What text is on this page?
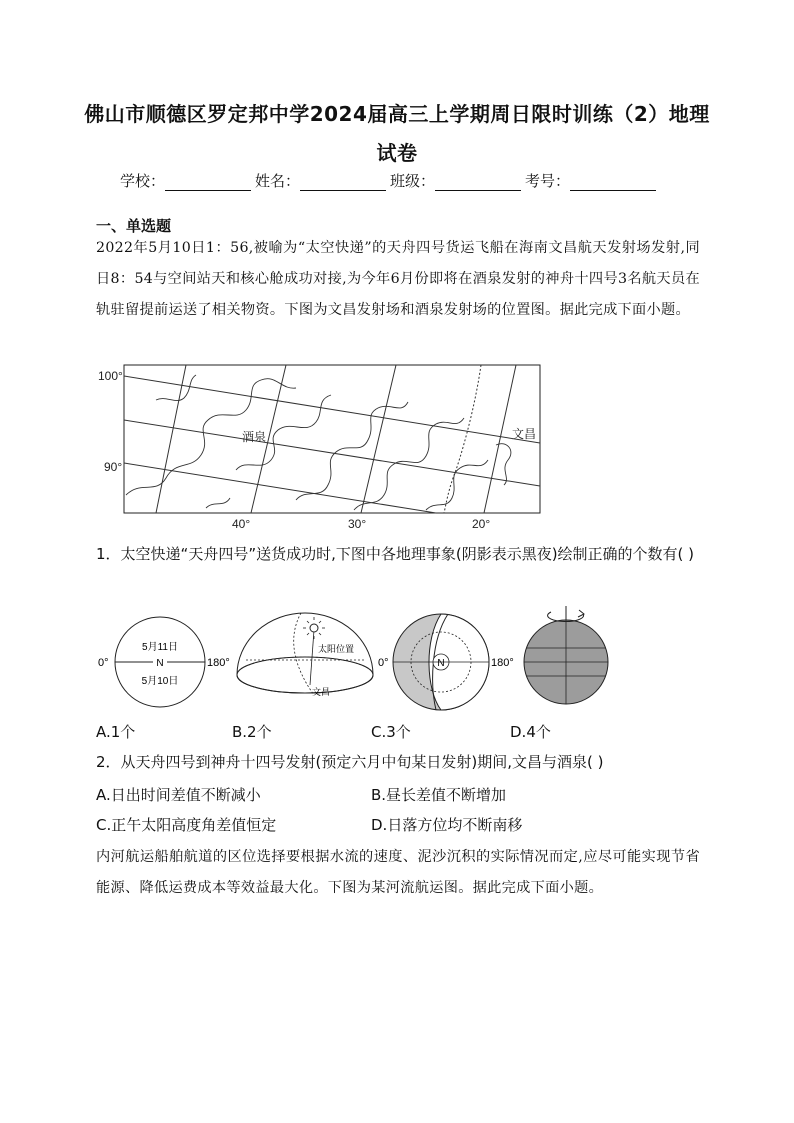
佛山市顺德区罗定邦中学2024届高三上学期周日限时训练（2）地理
试卷
学校：	姓名：	班级：	考号：
一、单选题
2022年5月10日1：56,被喻为“太空快递”的天舟四号货运飞船在海南文昌航天发射场发射,同日8：54与空间站天和核心舱成功对接,为今年6月份即将在酒泉发射的神舟十四号3名航天员在轨驻留提前运送了相关物资。下图为文昌发射场和酒泉发射场的位置图。据此完成下面小题。
100°
90°
40°	30°	20°
酒泉	文昌
1．太空快递“天舟四号”送货成功时,下图中各地理事象(阴影表示黑夜)绘制正确的个数有( )
5月11日
5月10日
N
0°	180°
太阳位置
文昌
N
0°	180°
A.1个	B.2个	C.3个	D.4个
2．从天舟四号到神舟十四号发射(预定六月中旬某日发射)期间,文昌与酒泉( )
A.日出时间差值不断减小	B.昼长差值不断增加
C.正午太阳高度角差值恒定	D.日落方位均不断南移
内河航运船舶航道的区位选择要根据水流的速度、泥沙沉积的实际情况而定,应尽可能实现节省能源、降低运费成本等效益最大化。下图为某河流航运图。据此完成下面小题。
